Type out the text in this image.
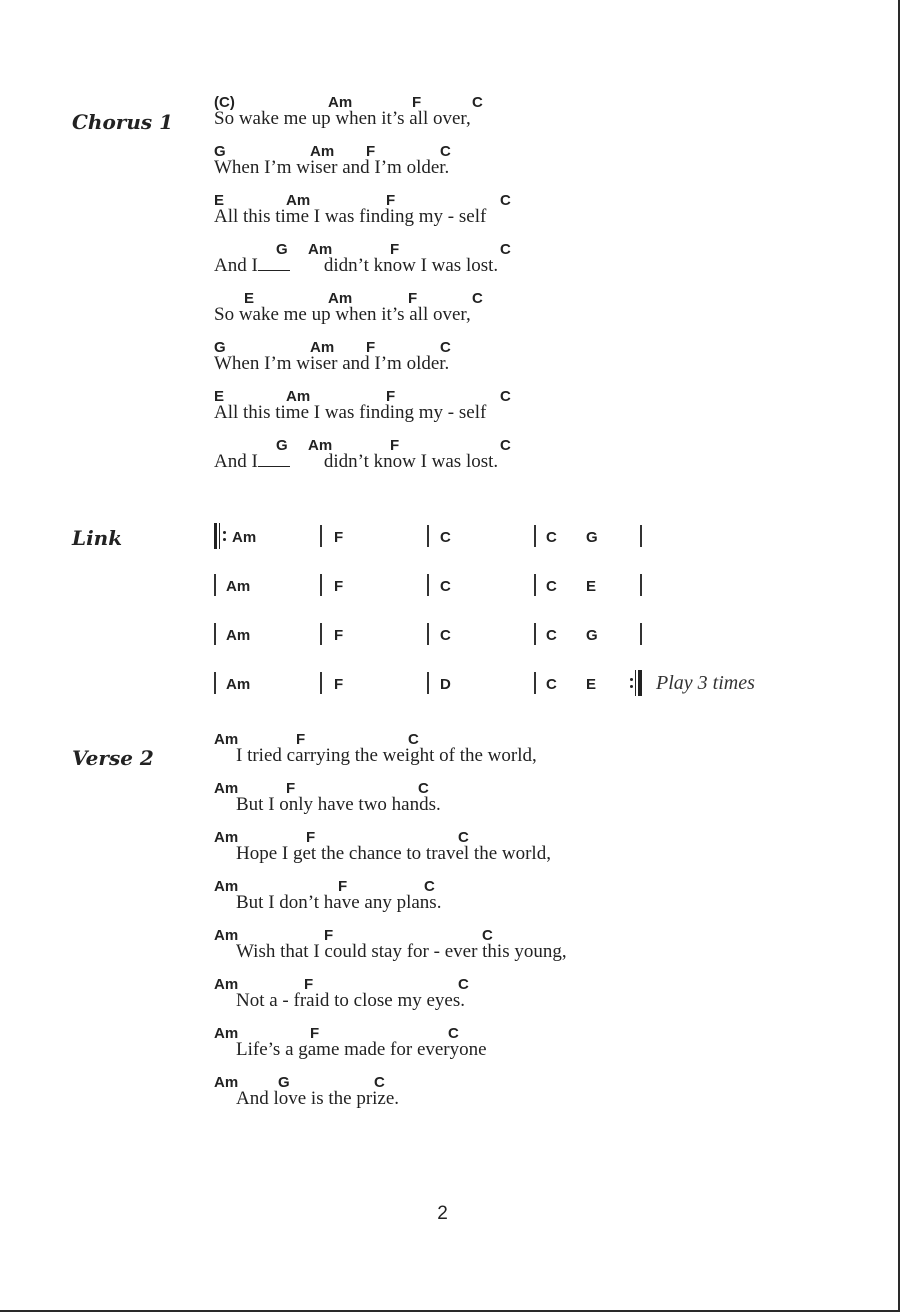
Chorus 1
(C)	Am	F	C
So wake me up when it’s all over,
G	Am F	C
When I’m wiser and I’m older.
E	Am	F	C
All this time I was finding my - self
G Am	F	C
And I	didn’t know I was lost.
E	Am	F	C
So wake me up when it’s all over,
G	Am F	C
When I’m wiser and I’m older.
E	Am	F	C
All this time I was finding my - self
G Am	F	C
And I	didn’t know I was lost.
Link	Am	F	C	C G
Am	F	C	C E
Am	F	C	C G
Am	F	D	C E	Play 3 times
Verse 2
Am	F	C
I tried carrying the weight of the world,
Am	F	C
But I only have two hands.
Am	F	C
Hope I get the chance to travel the world,
Am	F	C
But I don’t have any plans.
Am	F	C
Wish that I could stay for - ever this young,
Am	F	C
Not a - fraid to close my eyes.
Am	F	C
Life’s a game made for everyone
Am	G	C
And love is the prize.
2
